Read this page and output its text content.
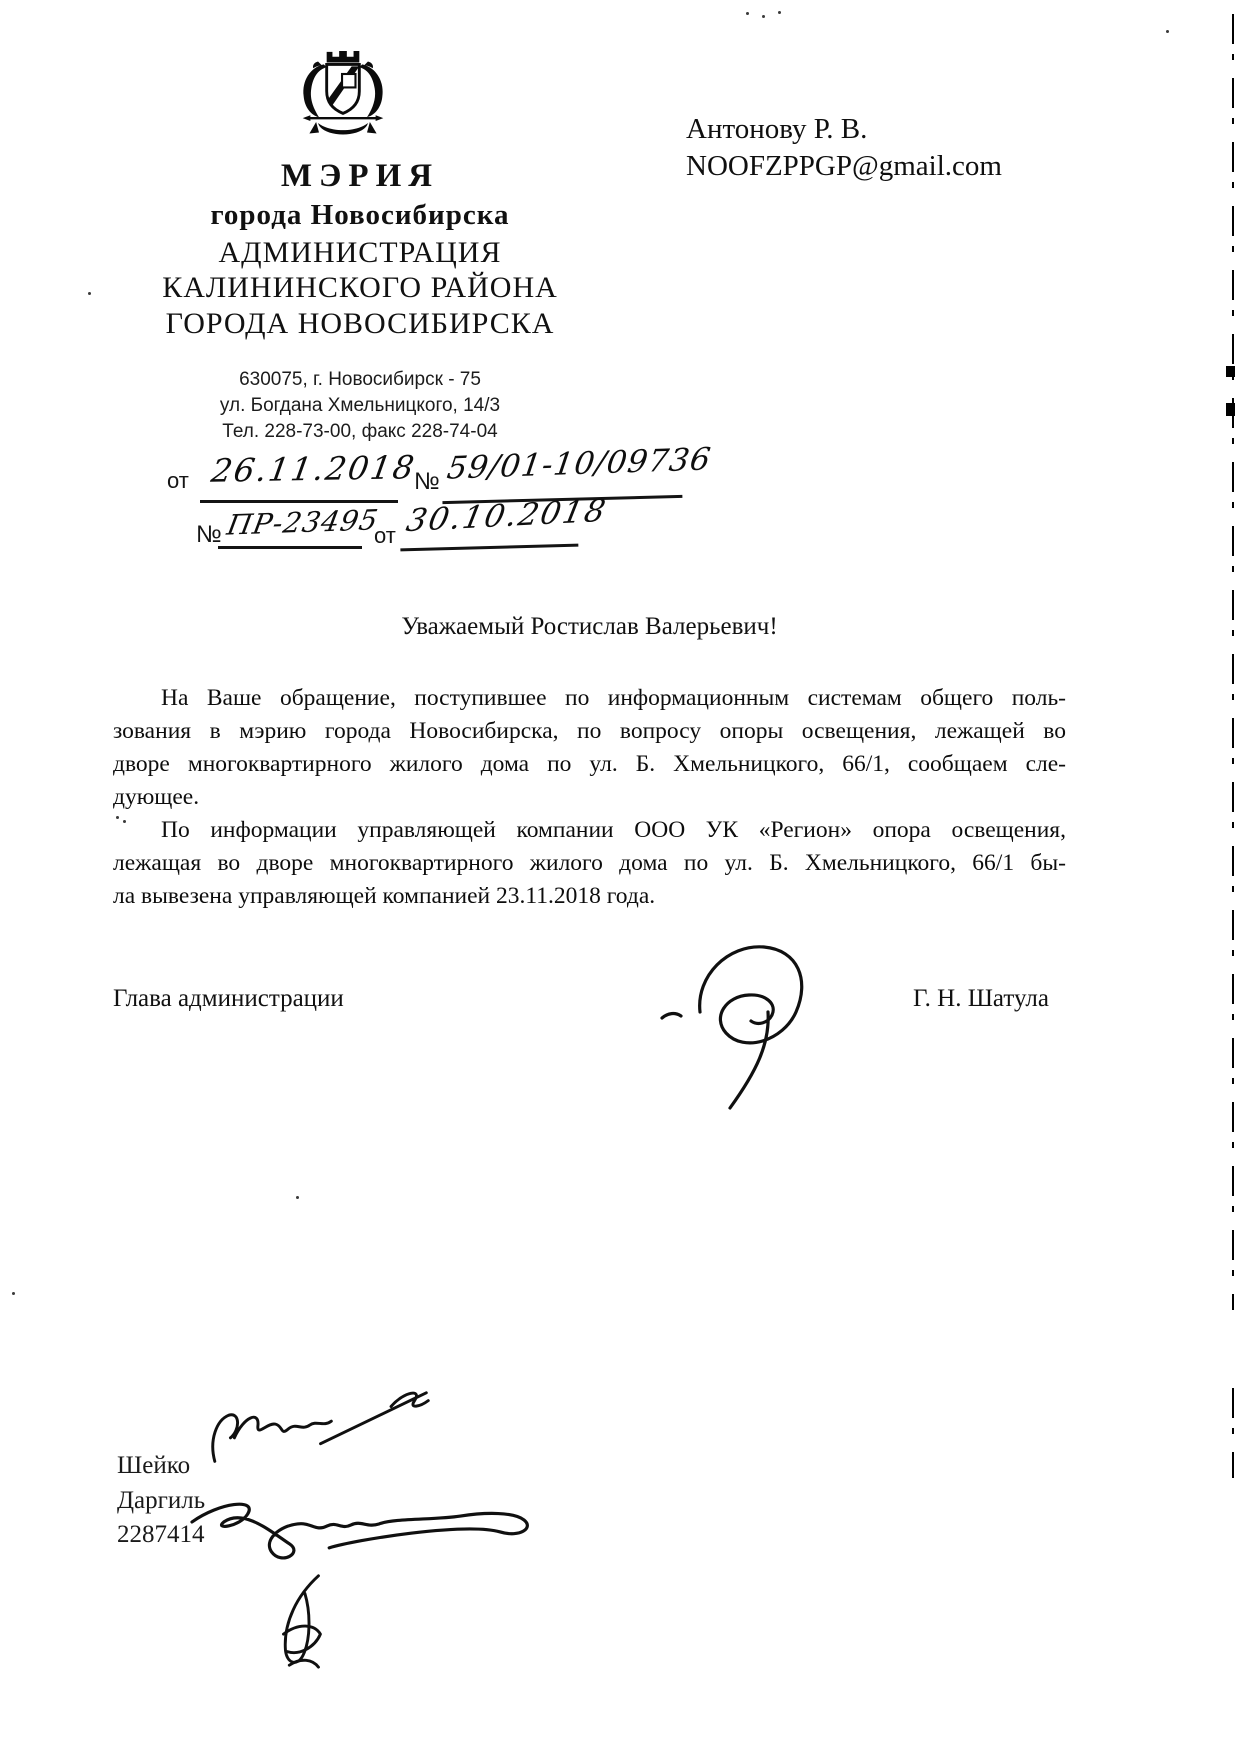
МЭРИЯ
города Новосибирска
АДМИНИСТРАЦИЯ
КАЛИНИНСКОГО РАЙОНА
ГОРОДА НОВОСИБИРСКА
630075, г. Новосибирск - 75
ул. Богдана Хмельницкого, 14/3
Тел. 228-73-00, факс 228-74-04
Антонову Р. В.
NOOFZPPGP@gmail.com
от 26.11.2018
№ 59/01-10/09736
№ ПР-23495
от 30.10.2018
Уважаемый Ростислав Валерьевич!
На Ваше обращение, поступившее по информационным системам общего поль-
зования в мэрию города Новосибирска, по вопросу опоры освещения, лежащей во
дворе многоквартирного жилого дома по ул. Б. Хмельницкого, 66/1, сообщаем сле-
дующее.
По информации управляющей компании ООО УК «Регион» опора освещения,
лежащая во дворе многоквартирного жилого дома по ул. Б. Хмельницкого, 66/1 бы-
ла вывезена управляющей компанией 23.11.2018 года.
Глава администрации	Г. Н. Шатула
Шейко
Даргиль
2287414
